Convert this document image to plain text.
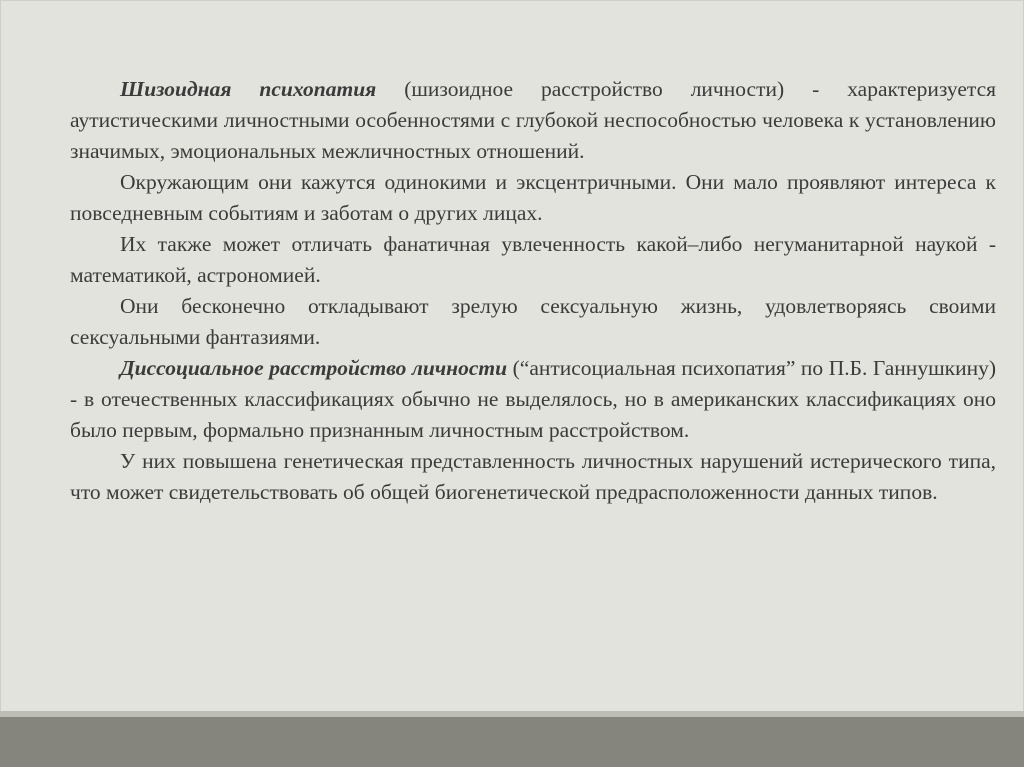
Шизоидная психопатия (шизоидное расстройство личности) - характеризуется аутистическими личностными особенностями с глубокой неспособностью человека к установлению значимых, эмоциональных межличностных отношений.

Окружающим они кажутся одинокими и эксцентричными. Они мало проявляют интереса к повседневным событиям и заботам о других лицах.

Их также может отличать фанатичная увлеченность какой–либо негуманитарной наукой - математикой, астрономией.

Они бесконечно откладывают зрелую сексуальную жизнь, удовлетворяясь своими сексуальными фантазиями.

Диссоциальное расстройство личности (“антисоциальная психопатия” по П.Б. Ганнушкину) - в отечественных классификациях обычно не выделялось, но в американских классификациях оно было первым, формально признанным личностным расстройством.

У них повышена генетическая представленность личностных нарушений истерического типа, что может свидетельствовать об общей биогенетической предрасположенности данных типов.
